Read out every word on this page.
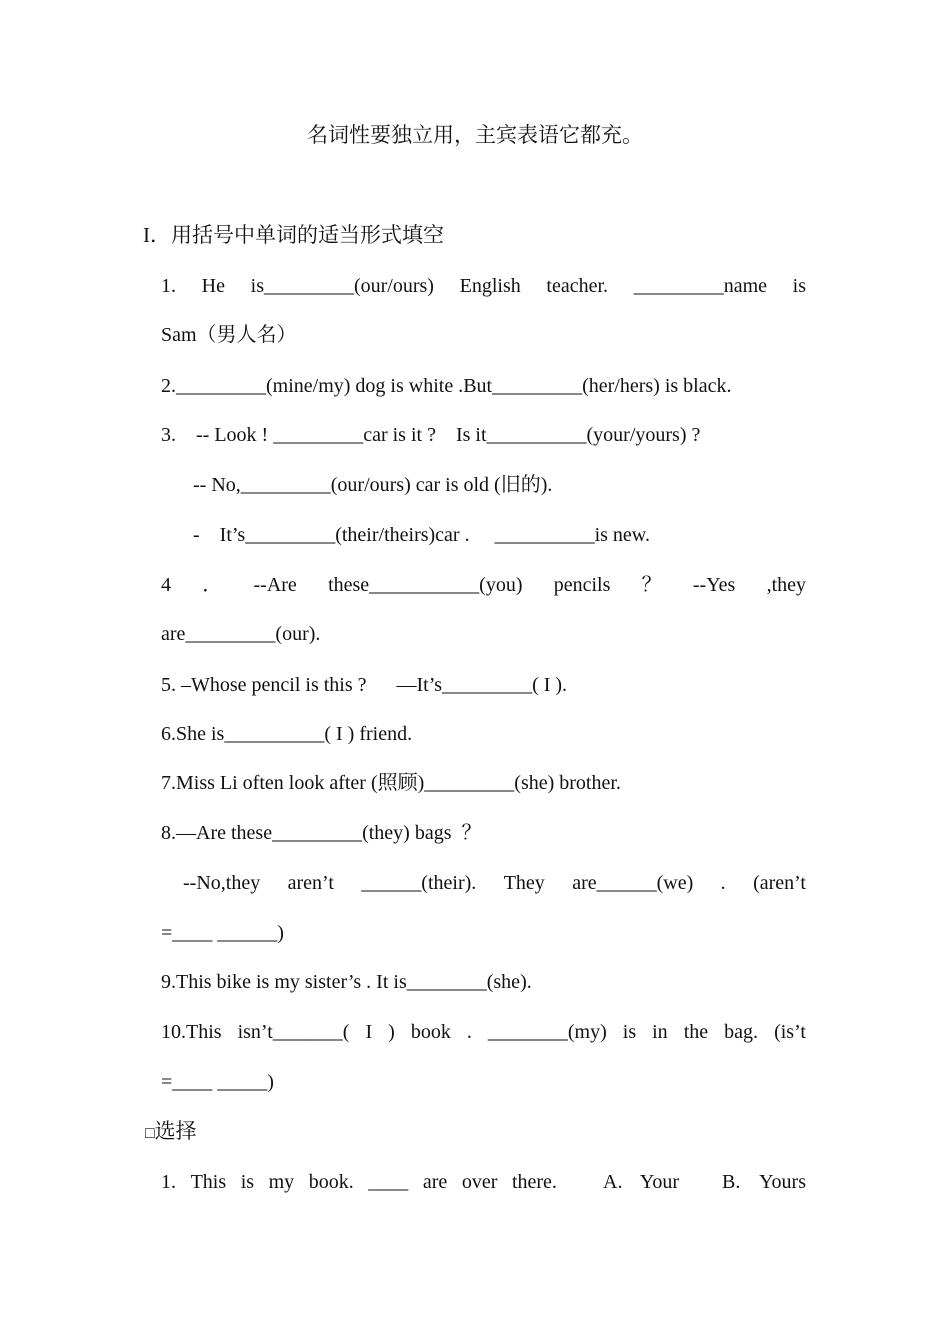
名词性要独立用，主宾表语它都充。
I．用括号中单词的适当形式填空
1. He is_________(our/ours) English teacher. _________name is
Sam（男人名）
2._________(mine/my) dog is white .But_________(her/hers) is black.
3.    -- Look ! _________car is it ?    Is it__________(your/yours) ?
-- No,_________(our/ours) car is old (旧的).
-    It’s_________(their/theirs)car .     __________is new.
4 ． --Are these___________(you) pencils ？ --Yes ,they
are_________(our).
5. –Whose pencil is this ?      —It’s_________( I ).
6.She is__________( I ) friend.
7.Miss Li often look after (照顾)_________(she) brother.
8.—Are these_________(they) bags  ？
--No,they aren’t ______(their). They are______(we) . (aren’t
=____ ______)
9.This bike is my sister’s . It is________(she).
10.This isn’t_______( I ) book . ________(my) is in the bag. (is’t
=____ _____)
□选择
1. This is my book. ____ are over there. A. Your B. Yours
